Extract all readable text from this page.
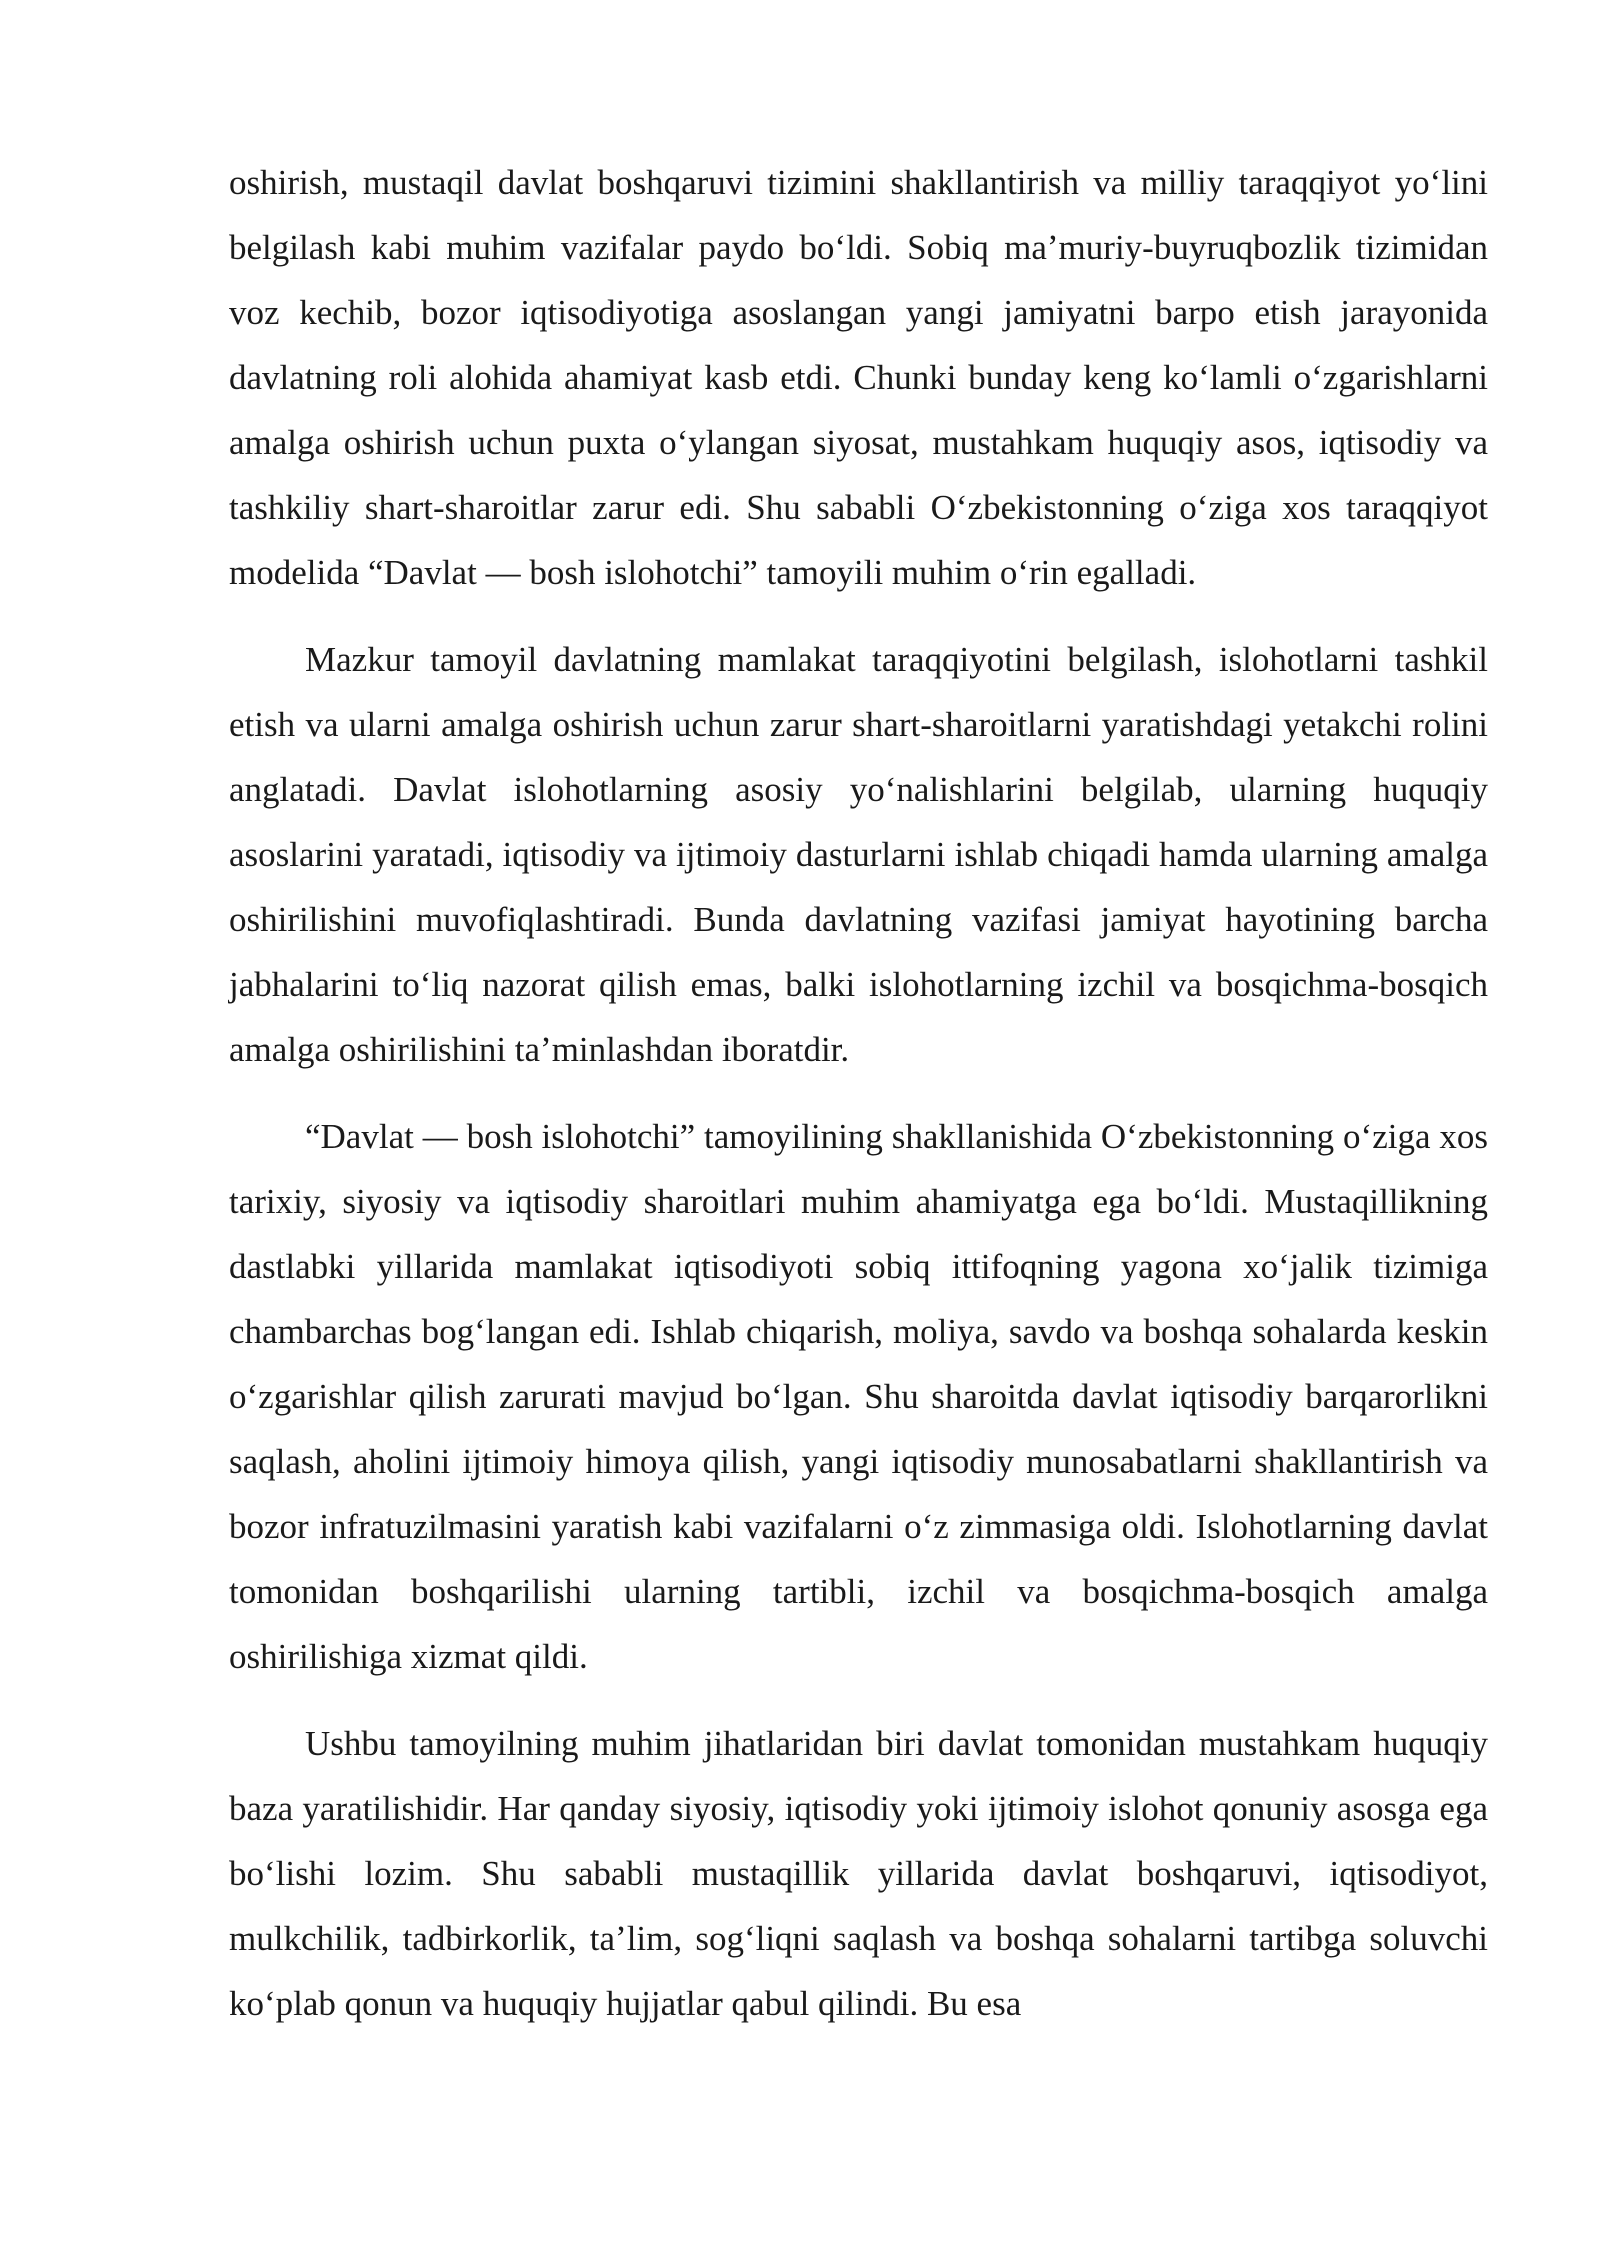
oshirish, mustaqil davlat boshqaruvi tizimini shakllantirish va milliy taraqqiyot yoʻlini belgilash kabi muhim vazifalar paydo boʻldi. Sobiq maʼmuriy-buyruqbozlik tizimidan voz kechib, bozor iqtisodiyotiga asoslangan yangi jamiyatni barpo etish jarayonida davlatning roli alohida ahamiyat kasb etdi. Chunki bunday keng koʻlamli oʻzgarishlarni amalga oshirish uchun puxta oʻylangan siyosat, mustahkam huquqiy asos, iqtisodiy va tashkiliy shart-sharoitlar zarur edi. Shu sababli Oʻzbekistonning oʻziga xos taraqqiyot modelida “Davlat — bosh islohotchi” tamoyili muhim oʻrin egalladi.

Mazkur tamoyil davlatning mamlakat taraqqiyotini belgilash, islohotlarni tashkil etish va ularni amalga oshirish uchun zarur shart-sharoitlarni yaratishdagi yetakchi rolini anglatadi. Davlat islohotlarning asosiy yoʻnalishlarini belgilab, ularning huquqiy asoslarini yaratadi, iqtisodiy va ijtimoiy dasturlarni ishlab chiqadi hamda ularning amalga oshirilishini muvofiqlashtiradi. Bunda davlatning vazifasi jamiyat hayotining barcha jabhalarini toʻliq nazorat qilish emas, balki islohotlarning izchil va bosqichma-bosqich amalga oshirilishini taʼminlashdan iboratdir.

“Davlat — bosh islohotchi” tamoyilining shakllanishida Oʻzbekistonning oʻziga xos tarixiy, siyosiy va iqtisodiy sharoitlari muhim ahamiyatga ega boʻldi. Mustaqillikning dastlabki yillarida mamlakat iqtisodiyoti sobiq ittifoqning yagona xoʻjalik tizimiga chambarchas bogʻlangan edi. Ishlab chiqarish, moliya, savdo va boshqa sohalarda keskin oʻzgarishlar qilish zarurati mavjud boʻlgan. Shu sharoitda davlat iqtisodiy barqarorlikni saqlash, aholini ijtimoiy himoya qilish, yangi iqtisodiy munosabatlarni shakllantirish va bozor infratuzilmasini yaratish kabi vazifalarni oʻz zimmasiga oldi. Islohotlarning davlat tomonidan boshqarilishi ularning tartibli, izchil va bosqichma-bosqich amalga oshirilishiga xizmat qildi.

Ushbu tamoyilning muhim jihatlaridan biri davlat tomonidan mustahkam huquqiy baza yaratilishidir. Har qanday siyosiy, iqtisodiy yoki ijtimoiy islohot qonuniy asosga ega boʻlishi lozim. Shu sababli mustaqillik yillarida davlat boshqaruvi, iqtisodiyot, mulkchilik, tadbirkorlik, taʼlim, sogʻliqni saqlash va boshqa sohalarni tartibga soluvchi koʻplab qonun va huquqiy hujjatlar qabul qilindi. Bu esa
